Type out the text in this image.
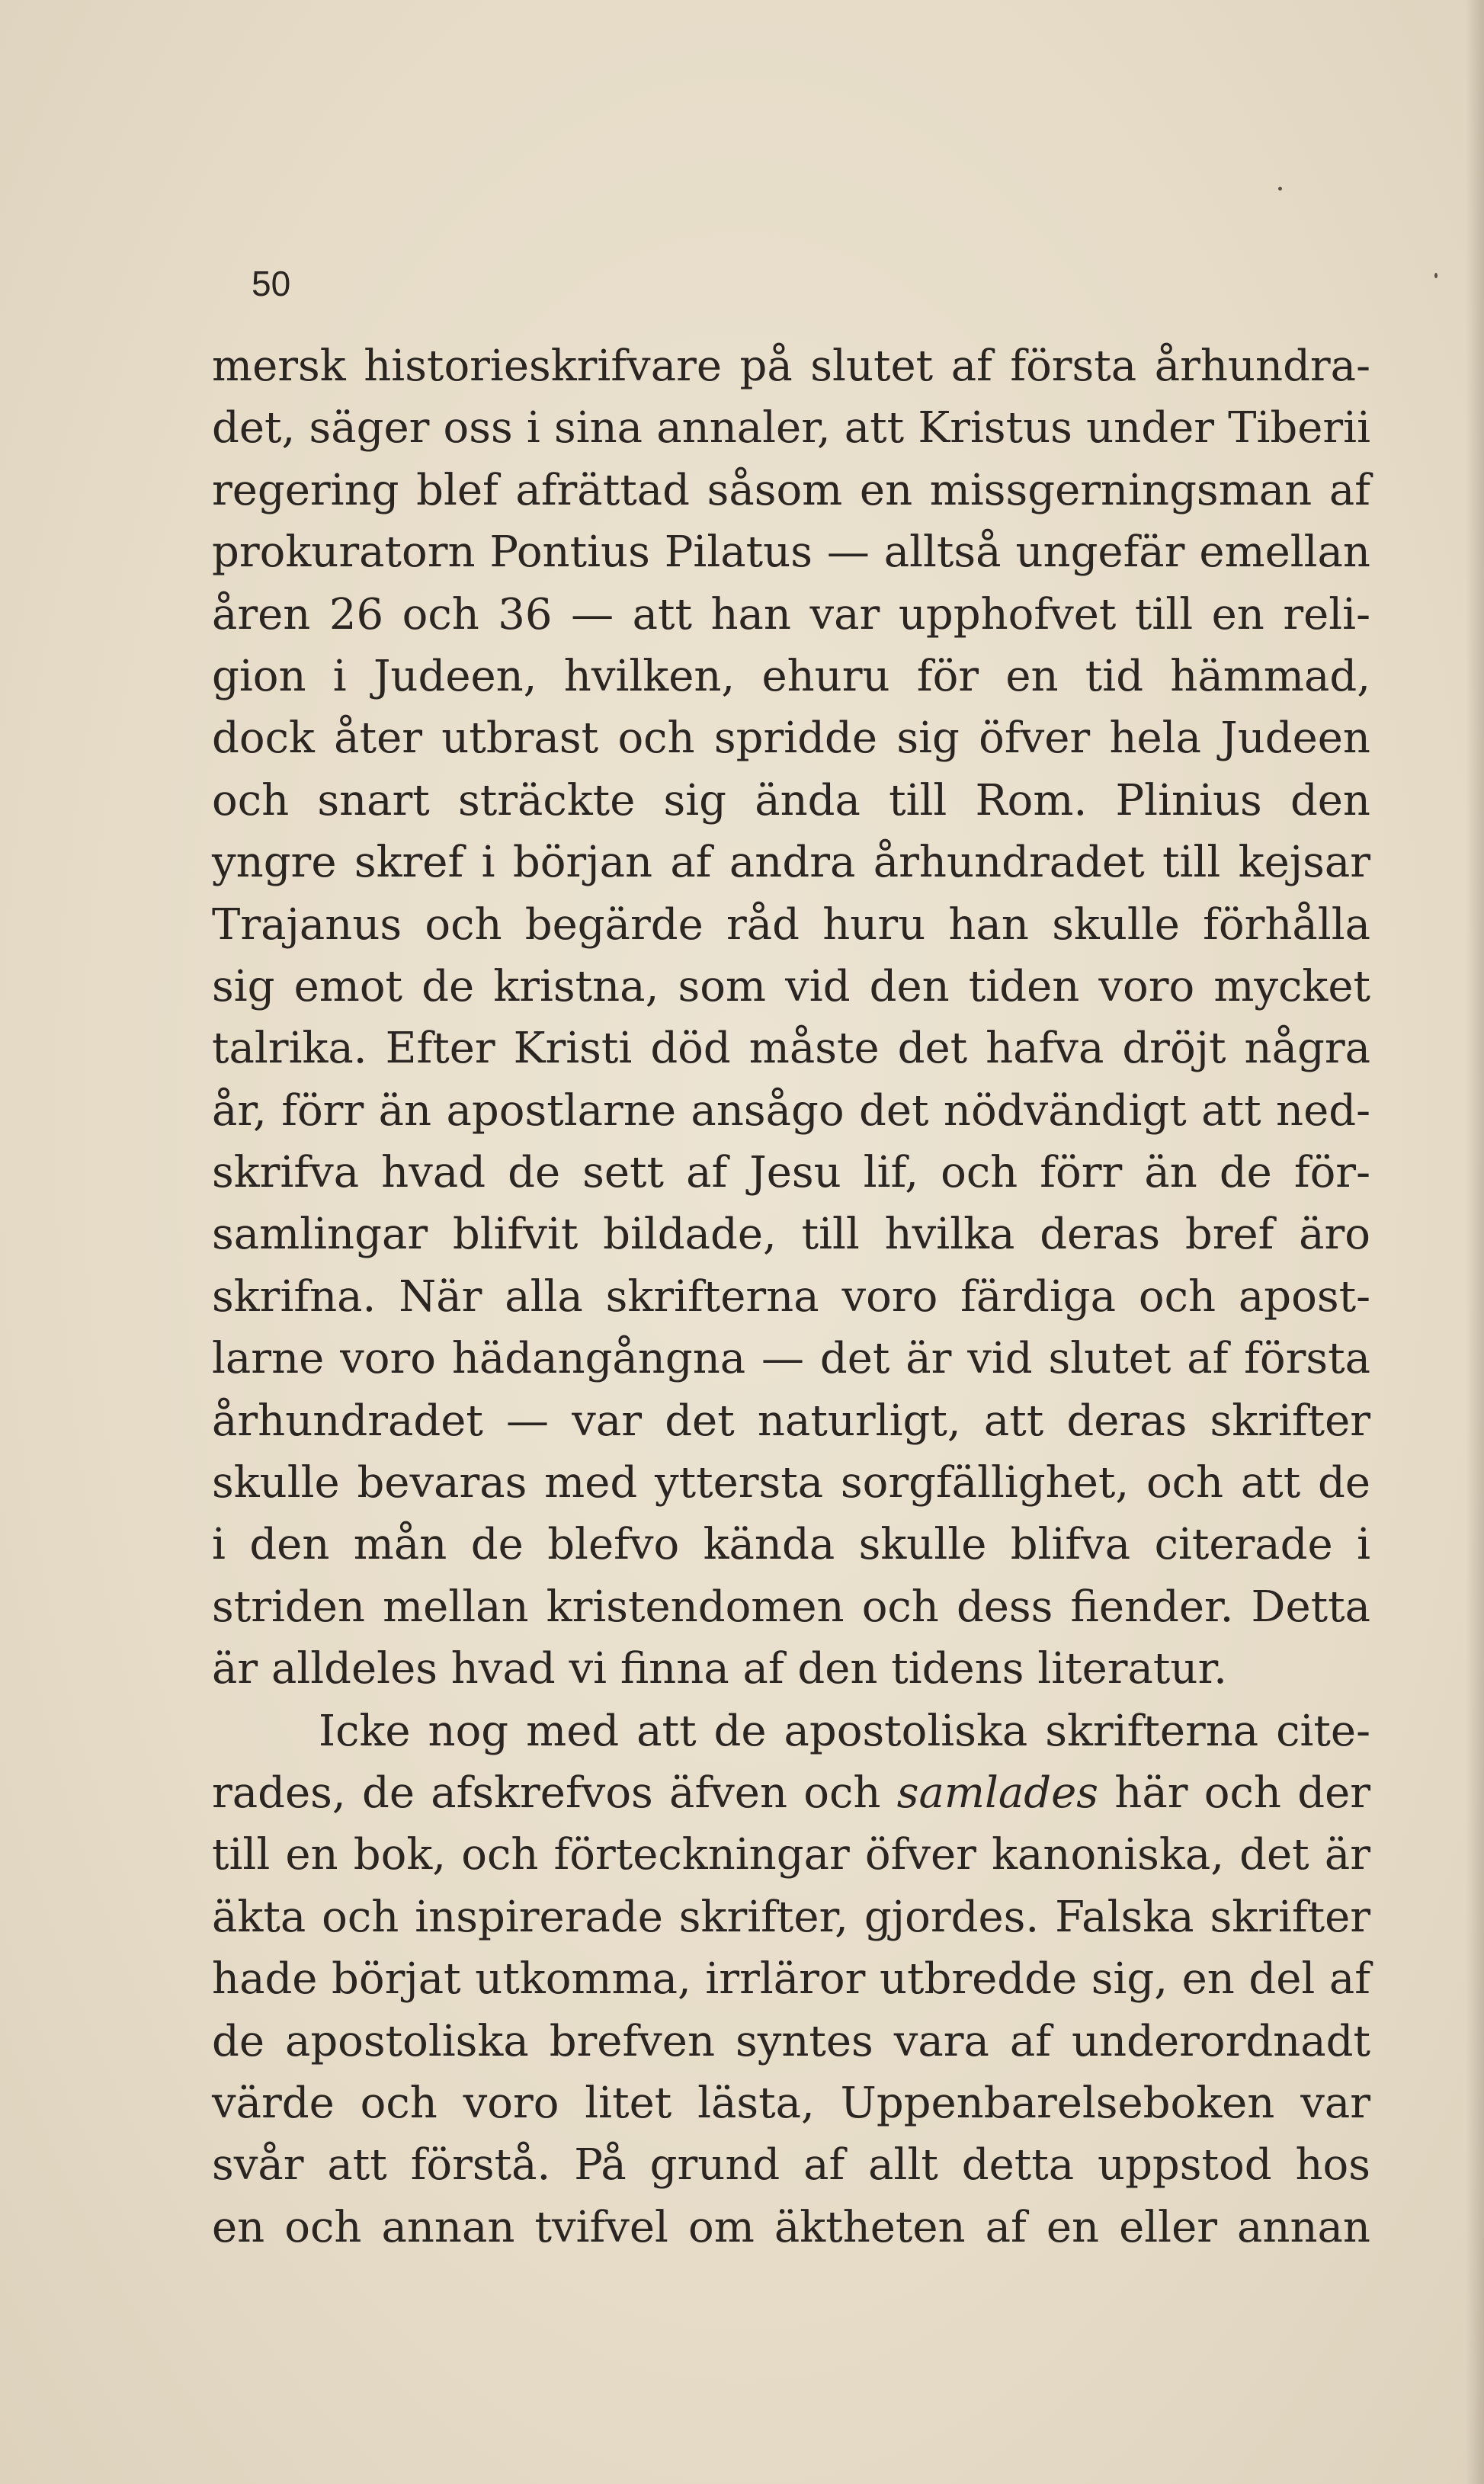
50
mersk historieskrifvare på slutet af första århundra-
det, säger oss i sina annaler, att Kristus under Tiberii
regering blef afrättad såsom en missgerningsman af
prokuratorn Pontius Pilatus — alltså ungefär emellan
åren 26 och 36 — att han var upphofvet till en reli-
gion i Judeen, hvilken, ehuru för en tid hämmad,
dock åter utbrast och spridde sig öfver hela Judeen
och snart sträckte sig ända till Rom. Plinius den
yngre skref i början af andra århundradet till kejsar
Trajanus och begärde råd huru han skulle förhålla
sig emot de kristna, som vid den tiden voro mycket
talrika. Efter Kristi död måste det hafva dröjt några
år, förr än apostlarne ansågo det nödvändigt att ned-
skrifva hvad de sett af Jesu lif, och förr än de för-
samlingar blifvit bildade, till hvilka deras bref äro
skrifna. När alla skrifterna voro färdiga och apost-
larne voro hädangångna — det är vid slutet af första
århundradet — var det naturligt, att deras skrifter
skulle bevaras med yttersta sorgfällighet, och att de
i den mån de blefvo kända skulle blifva citerade i
striden mellan kristendomen och dess fiender. Detta
är alldeles hvad vi finna af den tidens literatur.
Icke nog med att de apostoliska skrifterna cite-
rades, de afskrefvos äfven och samlades här och der
till en bok, och förteckningar öfver kanoniska, det är
äkta och inspirerade skrifter, gjordes. Falska skrifter
hade börjat utkomma, irrläror utbredde sig, en del af
de apostoliska brefven syntes vara af underordnadt
värde och voro litet lästa, Uppenbarelseboken var
svår att förstå. På grund af allt detta uppstod hos
en och annan tvifvel om äktheten af en eller annan
